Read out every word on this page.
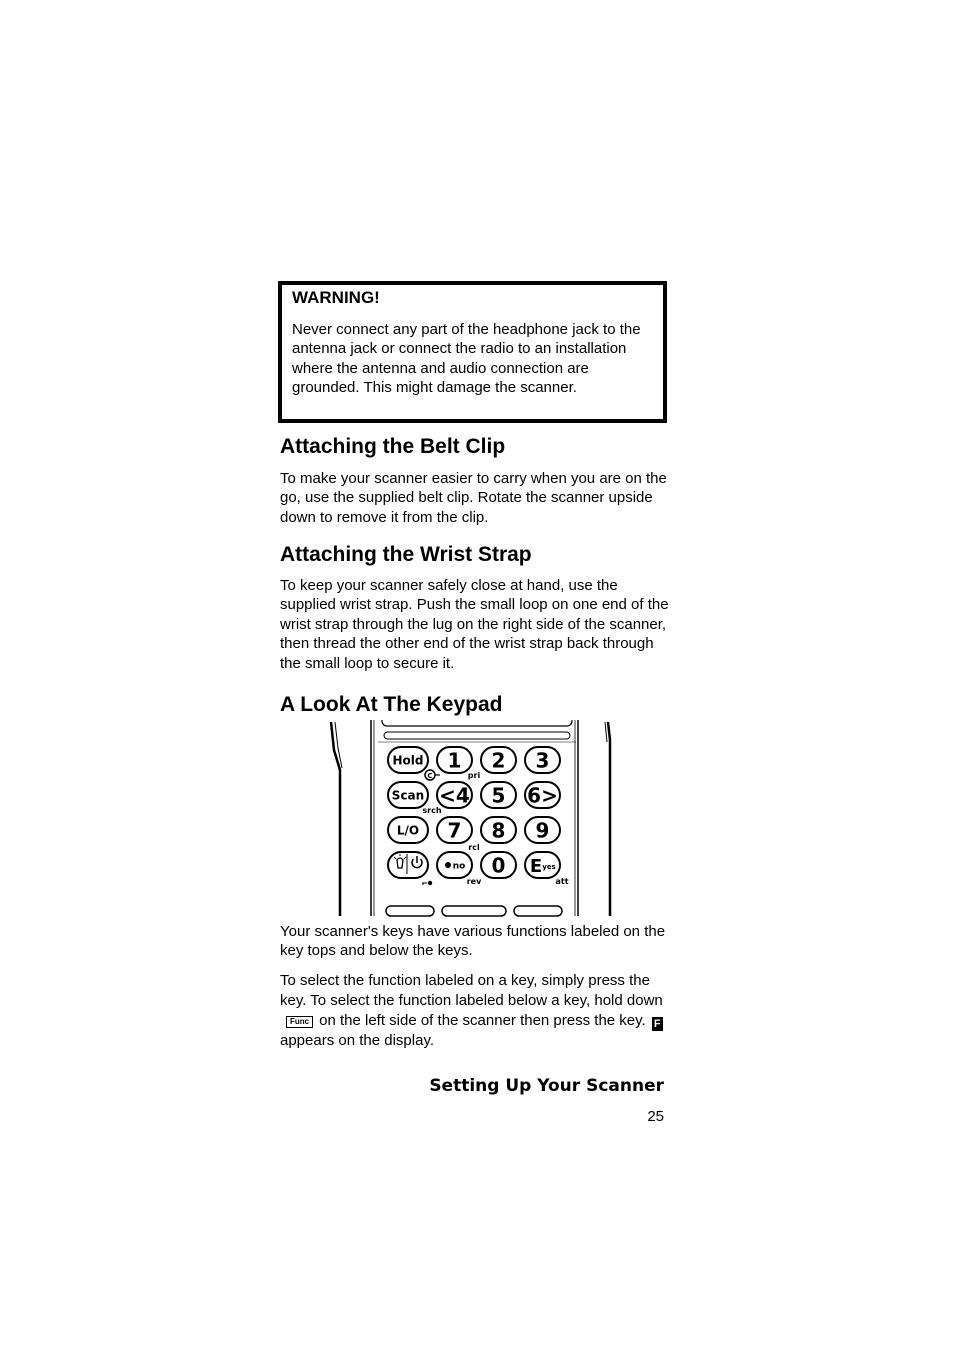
WARNING!
Never connect any part of the headphone jack to the antenna jack or connect the radio to an installation where the antenna and audio connection are grounded. This might damage the scanner.
Attaching the Belt Clip
To make your scanner easier to carry when you are on the go, use the supplied belt clip. Rotate the scanner upside down to remove it from the clip.
Attaching the Wrist Strap
To keep your scanner safely close at hand, use the supplied wrist strap. Push the small loop on one end of the wrist strap through the lug on the right side of the scanner, then thread the other end of the wrist strap back through the small loop to secure it.
A Look At The Keypad
Hold 1 2 3
C	pri
Scan <4 5 6>
srch
L/O 7 8 9
rcl
no 0 E yes
rev	att
Your scanner's keys have various functions labeled on the key tops and below the keys.
To select the function labeled on a key, simply press the key. To select the function labeled below a key, hold downFunc on the left side of the scanner then press the key. Fappears on the display.
Setting Up Your Scanner
25
